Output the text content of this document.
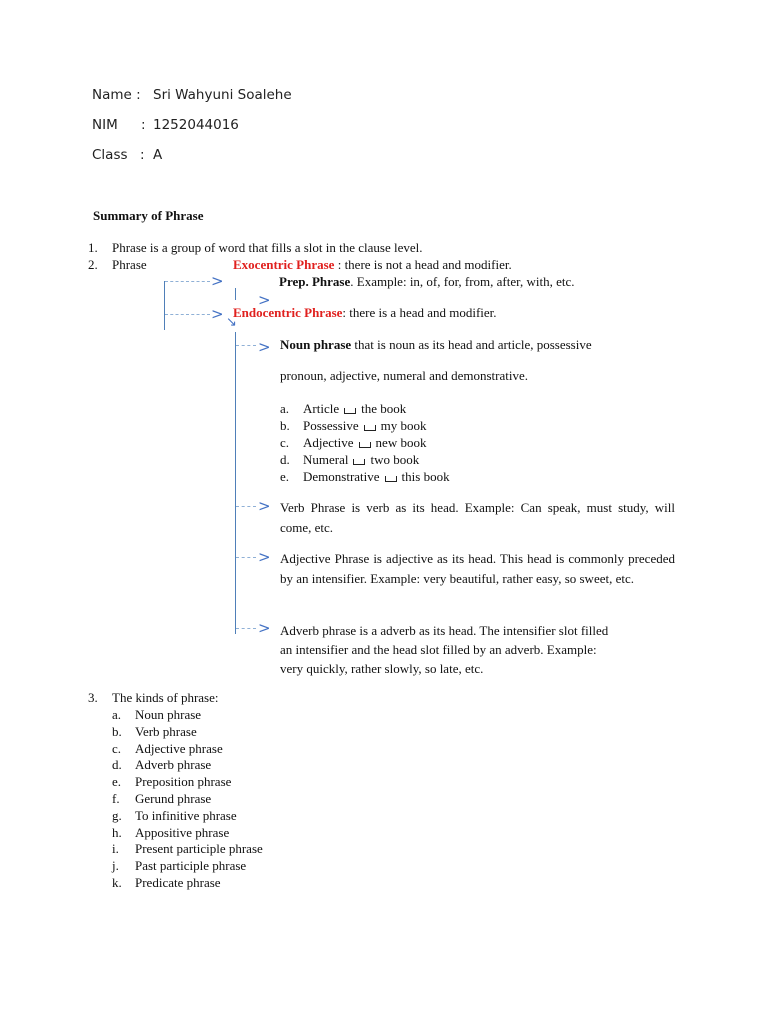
Name : Sri Wahyuni Soalehe
NIM : 1252044016
Class : A
Summary of Phrase
1. Phrase is a group of word that fills a slot in the clause level.
2. Phrase
>
>
> ↘
>
>
>
>
Exocentric Phrase : there is not a head and modifier.
Prep. Phrase. Example: in, of, for, from, after, with, etc.
Endocentric Phrase: there is a head and modifier.
Noun phrase that is noun as its head and article, possessive
pronoun, adjective, numeral and demonstrative.
a. Article the book
b. Possessive my book
c. Adjective new book
d. Numeral two book
e. Demonstrative this book
Verb Phrase is verb as its head. Example: Can speak, must study, will come, etc.
Adjective Phrase is adjective as its head. This head is commonly preceded by an intensifier. Example: very beautiful, rather easy, so sweet, etc.
Adverb phrase is a adverb as its head. The intensifier slot filled
an intensifier and the head slot filled by an adverb. Example:
very quickly, rather slowly, so late, etc.
3. The kinds of phrase:
a. Noun phrase
b. Verb phrase
c. Adjective phrase
d. Adverb phrase
e. Preposition phrase
f. Gerund phrase
g. To infinitive phrase
h. Appositive phrase
i. Present participle phrase
j. Past participle phrase
k. Predicate phrase
